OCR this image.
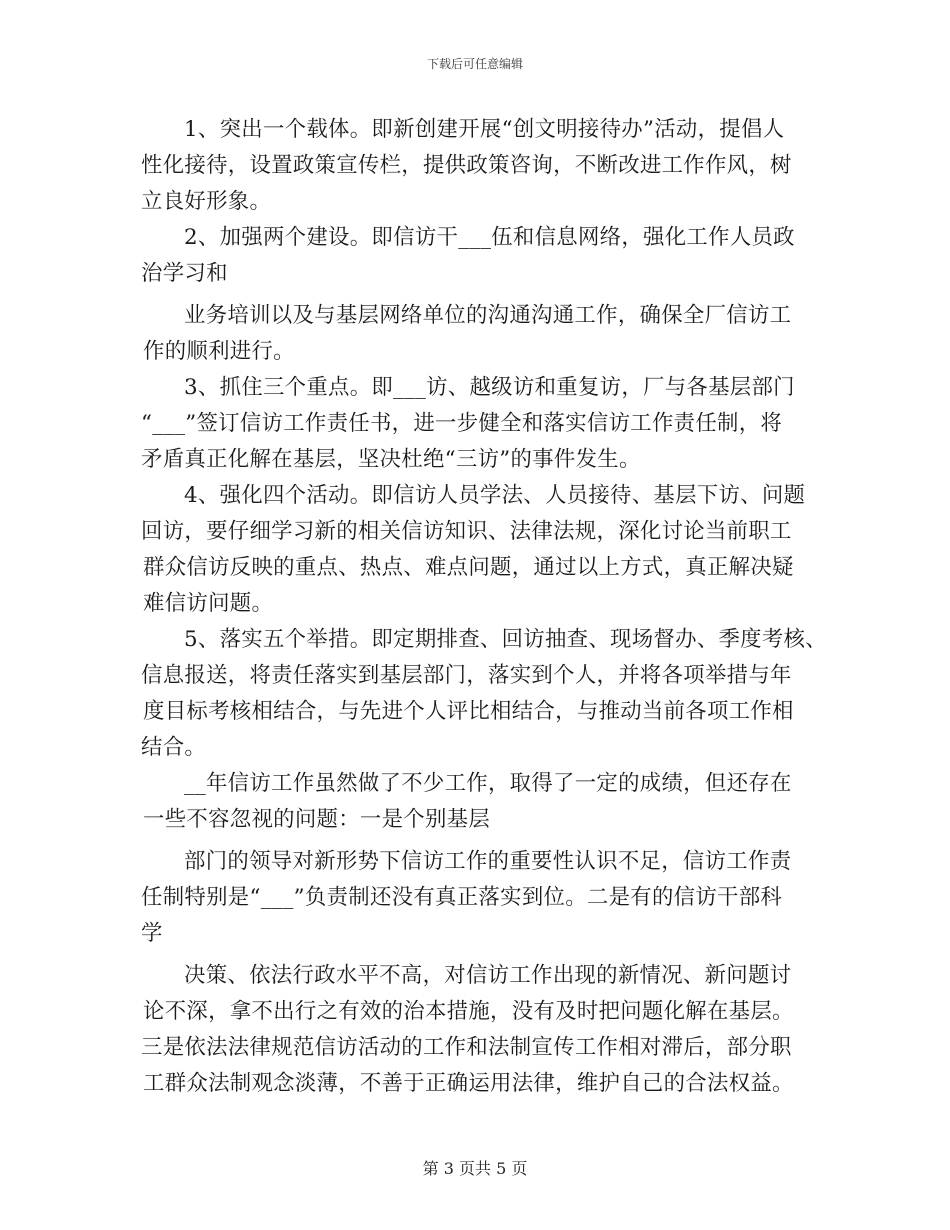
下载后可任意编辑
1、突出一个载体。即新创建开展“创文明接待办”活动，提倡人
性化接待，设置政策宣传栏，提供政策咨询，不断改进工作作风，树
立良好形象。
2、加强两个建设。即信访干___伍和信息网络，强化工作人员政
治学习和
业务培训以及与基层网络单位的沟通沟通工作，确保全厂信访工
作的顺利进行。
3、抓住三个重点。即___访、越级访和重复访，厂与各基层部门
“___”签订信访工作责任书，进一步健全和落实信访工作责任制，将
矛盾真正化解在基层，坚决杜绝“三访”的事件发生。
4、强化四个活动。即信访人员学法、人员接待、基层下访、问题
回访，要仔细学习新的相关信访知识、法律法规，深化讨论当前职工
群众信访反映的重点、热点、难点问题，通过以上方式，真正解决疑
难信访问题。
5、落实五个举措。即定期排查、回访抽查、现场督办、季度考核、
信息报送，将责任落实到基层部门，落实到个人，并将各项举措与年
度目标考核相结合，与先进个人评比相结合，与推动当前各项工作相
结合。
__年信访工作虽然做了不少工作，取得了一定的成绩，但还存在
一些不容忽视的问题：一是个别基层
部门的领导对新形势下信访工作的重要性认识不足，信访工作责
任制特别是“___”负责制还没有真正落实到位。二是有的信访干部科
学
决策、依法行政水平不高，对信访工作出现的新情况、新问题讨
论不深，拿不出行之有效的治本措施，没有及时把问题化解在基层。
三是依法法律规范信访活动的工作和法制宣传工作相对滞后，部分职
工群众法制观念淡薄，不善于正确运用法律，维护自己的合法权益。
第 3 页共 5 页
